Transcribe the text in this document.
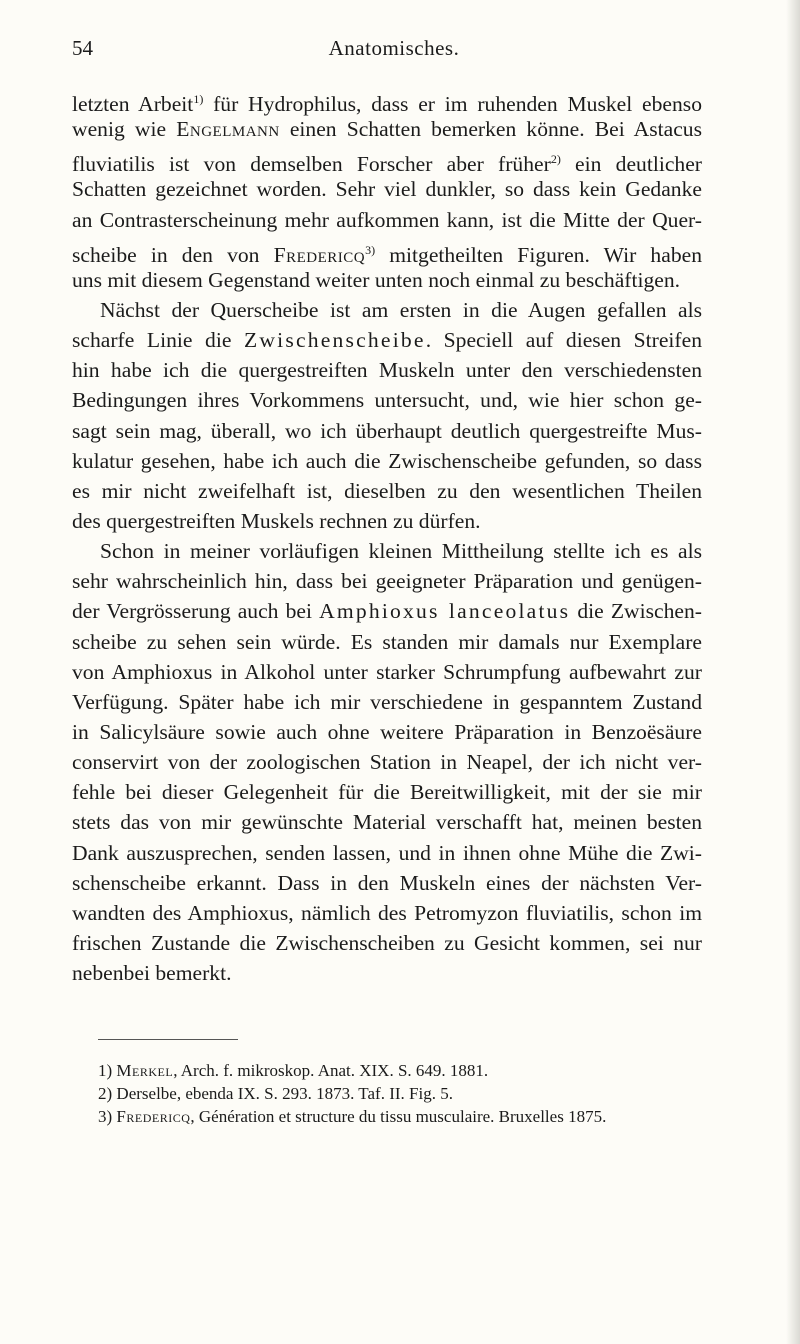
54	Anatomisches.
letzten Arbeit$^{1)}$ für Hydrophilus, dass er im ruhenden Muskel ebenso
wenig wie Engelmann einen Schatten bemerken könne. Bei Astacus
fluviatilis ist von demselben Forscher aber früher$^{2)}$ ein deutlicher
Schatten gezeichnet worden. Sehr viel dunkler, so dass kein Gedanke
an Contrasterscheinung mehr aufkommen kann, ist die Mitte der Quer-
scheibe in den von Fredericq$^{3)}$ mitgetheilten Figuren. Wir haben
uns mit diesem Gegenstand weiter unten noch einmal zu beschäftigen.
Nächst der Querscheibe ist am ersten in die Augen gefallen als
scharfe Linie die Zwischenscheibe. Speciell auf diesen Streifen
hin habe ich die quergestreiften Muskeln unter den verschiedensten
Bedingungen ihres Vorkommens untersucht, und, wie hier schon ge-
sagt sein mag, überall, wo ich überhaupt deutlich quergestreifte Mus-
kulatur gesehen, habe ich auch die Zwischenscheibe gefunden, so dass
es mir nicht zweifelhaft ist, dieselben zu den wesentlichen Theilen
des quergestreiften Muskels rechnen zu dürfen.
Schon in meiner vorläufigen kleinen Mittheilung stellte ich es als
sehr wahrscheinlich hin, dass bei geeigneter Präparation und genügen-
der Vergrösserung auch bei Amphioxus lanceolatus die Zwischen-
scheibe zu sehen sein würde. Es standen mir damals nur Exemplare
von Amphioxus in Alkohol unter starker Schrumpfung aufbewahrt zur
Verfügung. Später habe ich mir verschiedene in gespanntem Zustand
in Salicylsäure sowie auch ohne weitere Präparation in Benzoësäure
conservirt von der zoologischen Station in Neapel, der ich nicht ver-
fehle bei dieser Gelegenheit für die Bereitwilligkeit, mit der sie mir
stets das von mir gewünschte Material verschafft hat, meinen besten
Dank auszusprechen, senden lassen, und in ihnen ohne Mühe die Zwi-
schenscheibe erkannt. Dass in den Muskeln eines der nächsten Ver-
wandten des Amphioxus, nämlich des Petromyzon fluviatilis, schon im
frischen Zustande die Zwischenscheiben zu Gesicht kommen, sei nur
nebenbei bemerkt.
1) Merkel, Arch. f. mikroskop. Anat. XIX. S. 649. 1881.
2) Derselbe, ebenda IX. S. 293. 1873. Taf. II. Fig. 5.
3) Fredericq, Génération et structure du tissu musculaire. Bruxelles 1875.
